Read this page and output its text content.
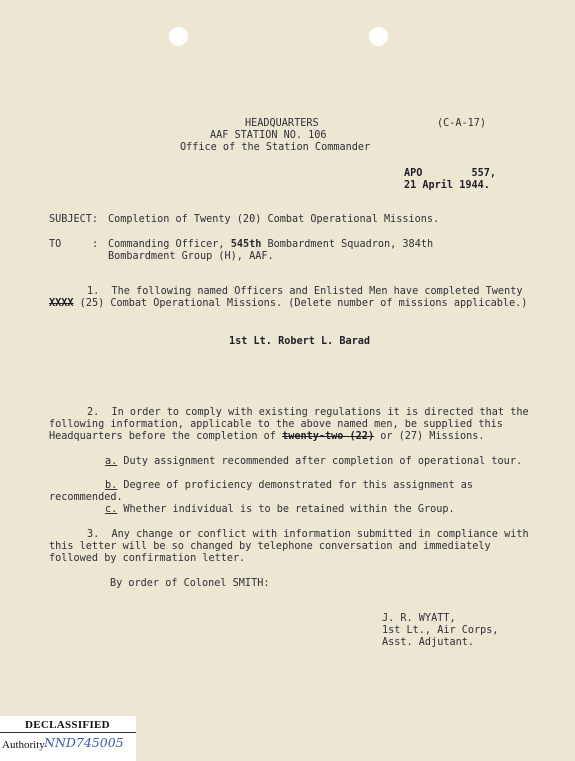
HEADQUARTERS
AAF STATION NO. 106
Office of the Station Commander
(C-A-17)
APO        557,
21 April 1944.
SUBJECT: Completion of Twenty (20) Combat Operational Missions.
TO	: Commanding Officer, 545th Bombardment Squadron, 384th
Bombardment Group (H), AAF.
1.  The following named Officers and Enlisted Men have completed Twenty
XXXX (25) Combat Operational Missions. (Delete number of missions applicable.)
1st Lt. Robert L. Barad
2.  In order to comply with existing regulations it is directed that the
following information, applicable to the above named men, be supplied this
Headquarters before the completion of twenty-two (22) or (27) Missions.
a. Duty assignment recommended after completion of operational tour.
b. Degree of proficiency demonstrated for this assignment as
recommended.
c. Whether individual is to be retained within the Group.
3.  Any change or conflict with information submitted in compliance with
this letter will be so changed by telephone conversation and immediately
followed by confirmation letter.
By order of Colonel SMITH:
J. R. WYATT,
1st Lt., Air Corps,
Asst. Adjutant.
DECLASSIFIED
Authority NND745005
